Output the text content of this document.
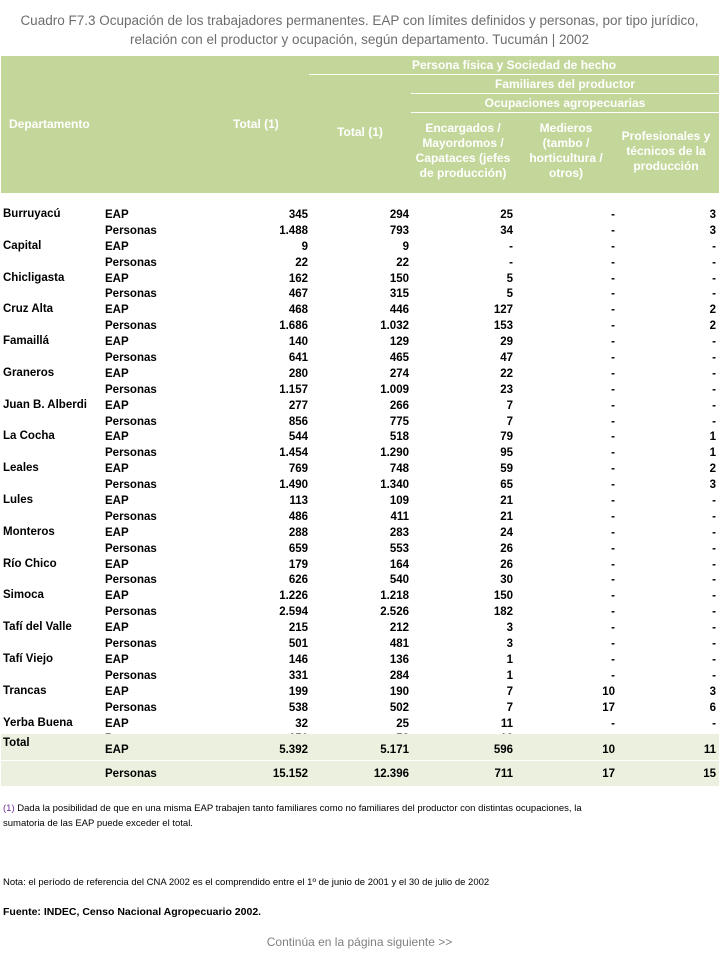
Cuadro F7.3 Ocupación de los trabajadores permanentes. EAP con límites definidos y personas, por tipo jurídico,
relación con el productor y ocupación, según departamento. Tucumán | 2002
Departamento	Total (1)
Persona física y Sociedad de hecho
Familiares del productor
Ocupaciones agropecuarias
Total (1)	Encargados / Mayordomos / Capataces (jefes de producción)
Medieros (tambo / horticultura / otros)
Profesionales y técnicos de la producción
Burruyacú	EAP	345	294	25	-	3
Personas	1.488	793	34	-	3
Capital	EAP	9	9	-	-	-
Personas	22	22	-	-	-
Chicligasta	EAP	162	150	5	-	-
Personas	467	315	5	-	-
Cruz Alta	EAP	468	446	127	-	2
Personas	1.686	1.032	153	-	2
Famaillá	EAP	140	129	29	-	-
Personas	641	465	47	-	-
Graneros	EAP	280	274	22	-	-
Personas	1.157	1.009	23	-	-
Juan B. Alberdi EAP	277	266	7	-	-
Personas	856	775	7	-	-
La Cocha	EAP	544	518	79	-	1
Personas	1.454	1.290	95	-	1
Leales	EAP	769	748	59	-	2
Personas	1.490	1.340	65	-	3
Lules	EAP	113	109	21	-	-
Personas	486	411	21	-	-
Monteros	EAP	288	283	24	-	-
Personas	659	553	26	-	-
Río Chico	EAP	179	164	26	-	-
Personas	626	540	30	-	-
Simoca	EAP	1.226	1.218	150	-	-
Personas	2.594	2.526	182	-	-
Tafí del Valle	EAP	215	212	3	-	-
Personas	501	481	3	-	-
Tafí Viejo	EAP	146	136	1	-	-
Personas	331	284	1	-	-
Trancas	EAP	199	190	7	10	3
Personas	538	502	7	17	6
Yerba Buena	EAP	32	25	11	-	-
Total
EAP	5.392	5.171	596	10	11
Personas	15.152	12.396	711	17	15
(1) Dada la posibilidad de que en una misma EAP trabajen tanto familiares como no familiares del productor con distintas ocupaciones, la sumatoria de las EAP puede exceder el total.
Nota: el período de referencia del CNA 2002 es el comprendido entre el 1º de junio de 2001 y el 30 de julio de 2002
Fuente: INDEC, Censo Nacional Agropecuario 2002.
Continúa en la página siguiente >>
